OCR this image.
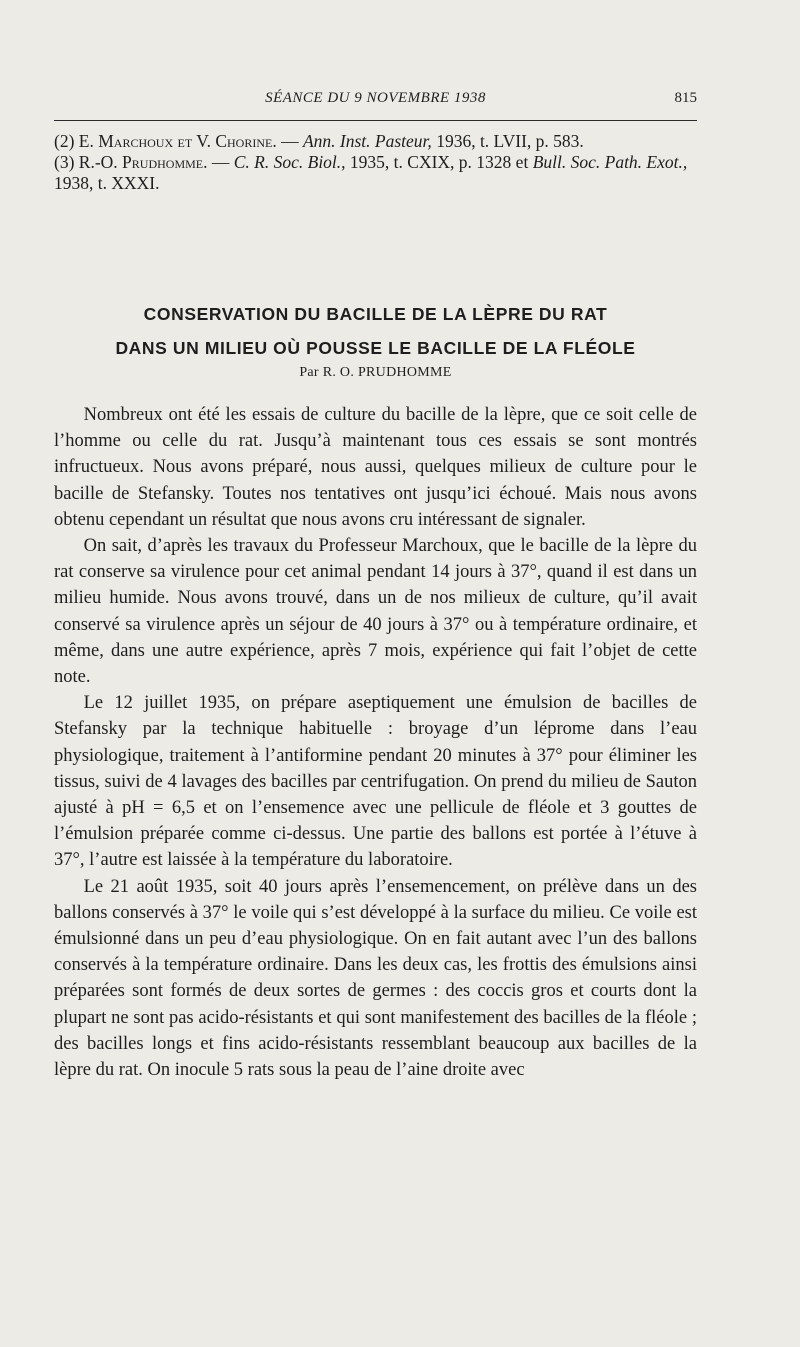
SÉANCE DU 9 NOVEMBRE 1938	815
(2) E. Marchoux et V. Chorine. — Ann. Inst. Pasteur, 1936, t. LVII, p. 583.
(3) R.-O. Prudhomme. — C. R. Soc. Biol., 1935, t. CXIX, p. 1328 et Bull. Soc. Path. Exot., 1938, t. XXXI.
CONSERVATION DU BACILLE DE LA LÈPRE DU RAT
DANS UN MILIEU OÙ POUSSE LE BACILLE DE LA FLÉOLE
Par R. O. PRUDHOMME

Nombreux ont été les essais de culture du bacille de la lèpre, que ce soit celle de l’homme ou celle du rat. Jusqu’à maintenant tous ces essais se sont montrés infructueux. Nous avons préparé, nous aussi, quelques milieux de culture pour le bacille de Stefansky. Toutes nos tentatives ont jusqu’ici échoué. Mais nous avons obtenu cependant un résultat que nous avons cru intéressant de signaler.

On sait, d’après les travaux du Professeur Marchoux, que le bacille de la lèpre du rat conserve sa virulence pour cet animal pendant 14 jours à 37°, quand il est dans un milieu humide. Nous avons trouvé, dans un de nos milieux de culture, qu’il avait conservé sa virulence après un séjour de 40 jours à 37° ou à température ordinaire, et même, dans une autre expérience, après 7 mois, expérience qui fait l’objet de cette note.

Le 12 juillet 1935, on prépare aseptiquement une émulsion de bacilles de Stefansky par la technique habituelle : broyage d’un lépromе dans l’eau physiologique, traitement à l’antiformine pendant 20 minutes à 37° pour éliminer les tissus, suivi de 4 lavages des bacilles par centrifugation. On prend du milieu de Sauton ajusté à pH = 6,5 et on l’ensemence avec une pellicule de fléole et 3 gouttes de l’émulsion préparée comme ci-dessus. Une partie des ballons est portée à l’étuve à 37°, l’autre est laissée à la température du laboratoire.

Le 21 août 1935, soit 40 jours après l’ensemencement, on prélève dans un des ballons conservés à 37° le voile qui s’est développé à la surface du milieu. Ce voile est émulsionné dans un peu d’eau physiologique. On en fait autant avec l’un des ballons conservés à la température ordinaire. Dans les deux cas, les frottis des émulsions ainsi préparées sont formés de deux sortes de germes : des coccis gros et courts dont la plupart ne sont pas acido-résistants et qui sont manifestement des bacilles de la fléole ; des bacilles longs et fins acido-résistants ressemblant beaucoup aux bacilles de la lèpre du rat. On inocule 5 rats sous la peau de l’aine droite avec
